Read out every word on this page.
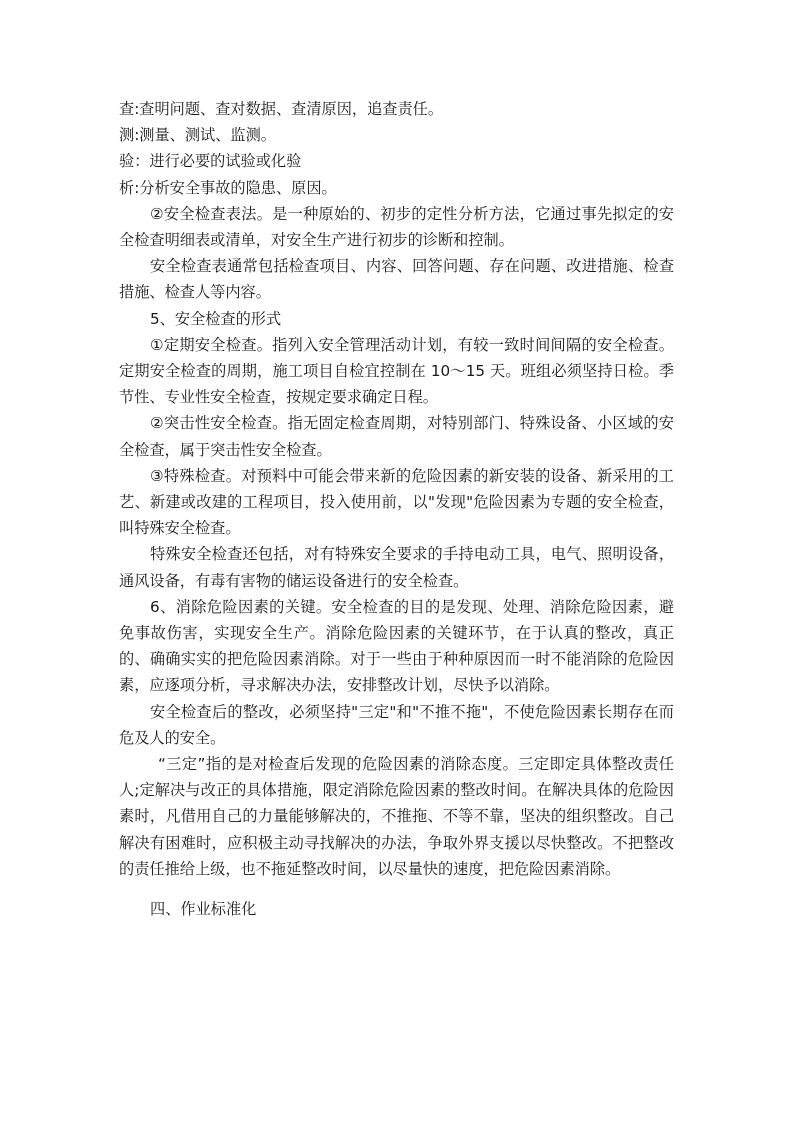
查:查明问题、查对数据、查清原因，追查责任。

测:测量、测试、监测。

验：进行必要的试验或化验

析:分析安全事故的隐患、原因。

②安全检查表法。是一种原始的、初步的定性分析方法，它通过事先拟定的安全检查明细表或清单，对安全生产进行初步的诊断和控制。

安全检查表通常包括检查项目、内容、回答问题、存在问题、改进措施、检查措施、检查人等内容。

5、安全检查的形式

①定期安全检查。指列入安全管理活动计划，有较一致时间间隔的安全检查。定期安全检查的周期，施工项目自检宜控制在 10～15 天。班组必须坚持日检。季节性、专业性安全检查，按规定要求确定日程。

②突击性安全检查。指无固定检查周期，对特别部门、特殊设备、小区域的安全检查，属于突击性安全检查。

③特殊检查。对预料中可能会带来新的危险因素的新安装的设备、新采用的工艺、新建或改建的工程项目，投入使用前，以"发现"危险因素为专题的安全检查，叫特殊安全检查。

特殊安全检查还包括，对有特殊安全要求的手持电动工具，电气、照明设备，通风设备，有毒有害物的储运设备进行的安全检查。

6、消除危险因素的关键。安全检查的目的是发现、处理、消除危险因素，避免事故伤害，实现安全生产。消除危险因素的关键环节，在于认真的整改，真正的、确确实实的把危险因素消除。对于一些由于种种原因而一时不能消除的危险因素，应逐项分析，寻求解决办法，安排整改计划，尽快予以消除。

安全检查后的整改，必须坚持"三定"和"不推不拖"，不使危险因素长期存在而危及人的安全。

“三定”指的是对检查后发现的危险因素的消除态度。三定即定具体整改责任人;定解决与改正的具体措施，限定消除危险因素的整改时间。在解决具体的危险因素时，凡借用自己的力量能够解决的，不推拖、不等不靠，坚决的组织整改。自己解决有困难时，应积极主动寻找解决的办法，争取外界支援以尽快整改。不把整改的责任推给上级，也不拖延整改时间，以尽量快的速度，把危险因素消除。

四、作业标准化
